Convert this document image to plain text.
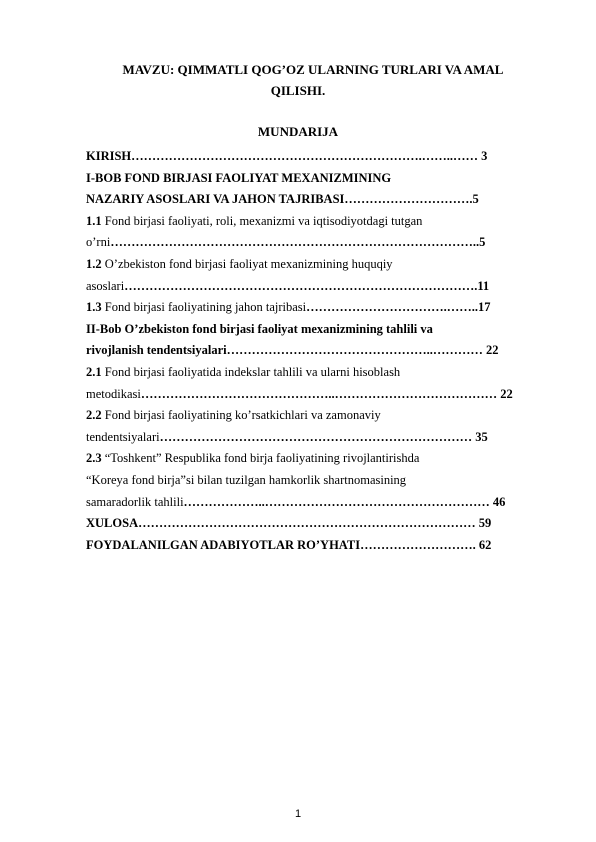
MAVZU: QIMMATLI QOG’OZ ULARNING TURLARI VA AMAL
QILISHI.
MUNDARIJA
KIRISH…………………………………………………………….……..…… 3
I-BOB FOND BIRJASI FAOLIYAT MEXANIZMINING
NAZARIY ASOSLARI VA JAHON TAJRIBASI………………………….5
1.1 Fond birjasi faoliyati, roli, mexanizmi va iqtisodiyotdagi tutgan
o’rni……………………………………………………………………………..5
1.2 O’zbekiston fond birjasi faoliyat mexanizmining huquqiy
asoslari………………………………………………………………………….11
1.3 Fond birjasi faoliyatining jahon tajribasi…………………………….……..17
II-Bob O’zbekiston fond birjasi faoliyat mexanizmining tahlili va
rivojlanish tendentsiyalari…………………………………………..………… 22
2.1 Fond birjasi faoliyatida indekslar tahlili va ularni hisoblash
metodikasi………………………………………..………………………………… 22
2.2 Fond birjasi faoliyatining ko’rsatkichlari va zamonaviy
tendentsiyalari………………………………………………………………… 35
2.3 “Toshkent” Respublika fond birja faoliyatining rivojlantirishda
“Koreya fond birja”si bilan tuzilgan hamkorlik shartnomasining
samaradorlik tahlili………………..……………………………………………… 46
XULOSA……………………………………………………………………… 59
FOYDALANILGAN ADABIYOTLAR RO’YHATI………………………. 62
1
